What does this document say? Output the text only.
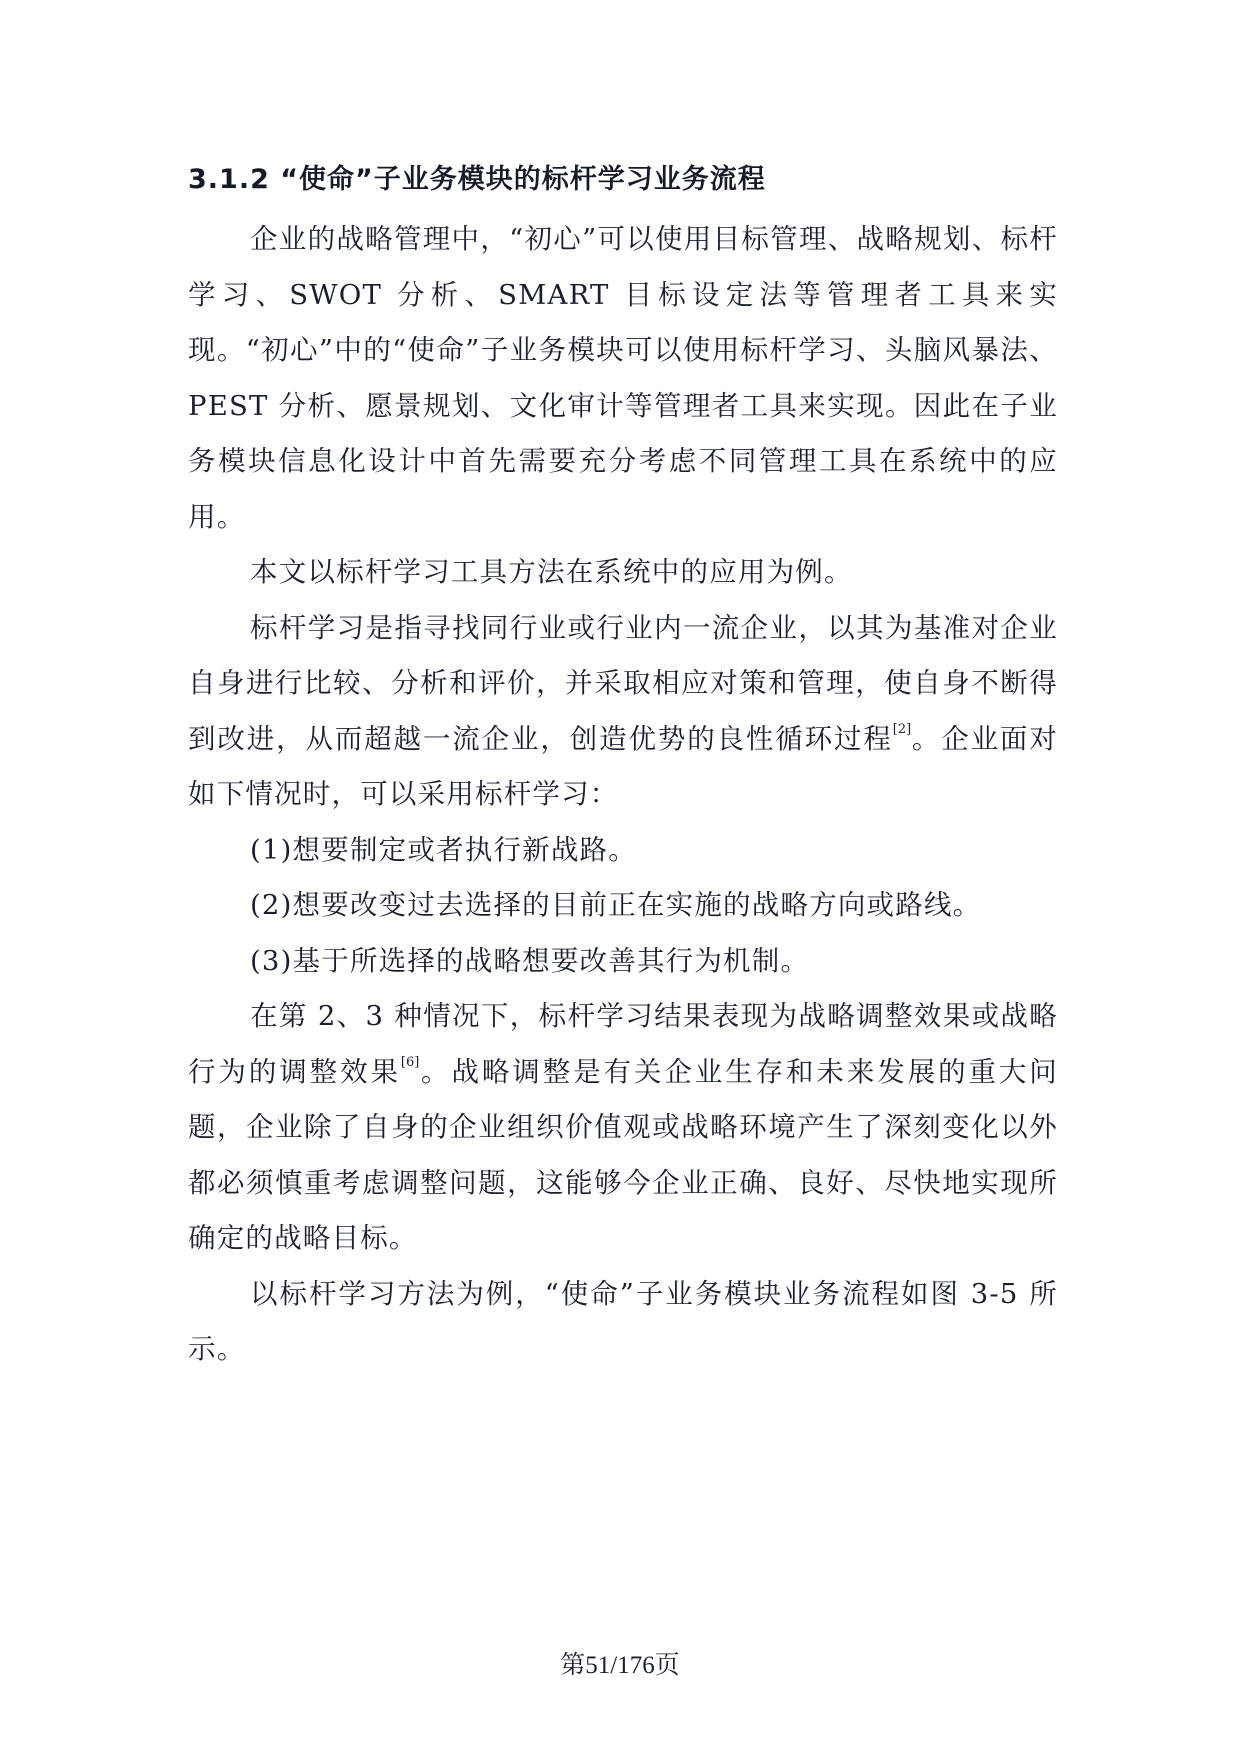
3.1.2 “使命”子业务模块的标杆学习业务流程

企业的战略管理中，“初心”可以使用目标管理、战略规划、标杆学习、SWOT 分析、SMART 目标设定法等管理者工具来实现。“初心”中的“使命”子业务模块可以使用标杆学习、头脑风暴法、PEST 分析、愿景规划、文化审计等管理者工具来实现。因此在子业务模块信息化设计中首先需要充分考虑不同管理工具在系统中的应用。

本文以标杆学习工具方法在系统中的应用为例。

标杆学习是指寻找同行业或行业内一流企业，以其为基准对企业自身进行比较、分析和评价，并采取相应对策和管理，使自身不断得到改进，从而超越一流企业，创造优势的良性循环过程[2]。企业面对如下情况时，可以采用标杆学习：

(1)想要制定或者执行新战路。

(2)想要改变过去选择的目前正在实施的战略方向或路线。

(3)基于所选择的战略想要改善其行为机制。

在第 2、3 种情况下，标杆学习结果表现为战略调整效果或战略行为的调整效果[6]。战略调整是有关企业生存和未来发展的重大问题，企业除了自身的企业组织价值观或战略环境产生了深刻变化以外都必须慎重考虑调整问题，这能够今企业正确、良好、尽快地实现所确定的战略目标。

以标杆学习方法为例，“使命”子业务模块业务流程如图 3-5 所示。

第51/176页
